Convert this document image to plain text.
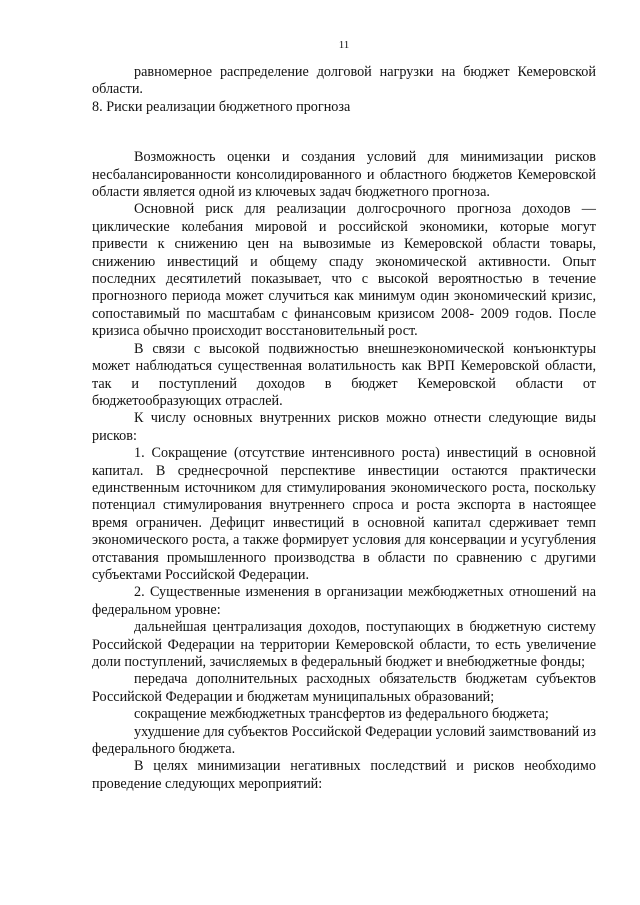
11

равномерное распределение долговой нагрузки на бюджет Кемеровской области.

8. Риски реализации бюджетного прогноза

Возможность оценки и создания условий для минимизации рисков несбалансированности консолидированного и областного бюджетов Кемеровской области является одной из ключевых задач бюджетного прогноза.

Основной риск для реализации долгосрочного прогноза доходов — циклические колебания мировой и российской экономики, которые могут привести к снижению цен на вывозимые из Кемеровской области товары, снижению инвестиций и общему спаду экономической активности. Опыт последних десятилетий показывает, что с высокой вероятностью в течение прогнозного периода может случиться как минимум один экономический кризис, сопоставимый по масштабам с финансовым кризисом 2008- 2009 годов. После кризиса обычно происходит восстановительный рост.

В связи с высокой подвижностью внешнеэкономической конъюнктуры может наблюдаться существенная волатильность как ВРП Кемеровской области, так и поступлений доходов в бюджет Кемеровской области от бюджетообразующих отраслей.

К числу основных внутренних рисков можно отнести следующие виды рисков:

1. Сокращение (отсутствие интенсивного роста) инвестиций в основной капитал. В среднесрочной перспективе инвестиции остаются практически единственным источником для стимулирования экономического роста, поскольку потенциал стимулирования внутреннего спроса и роста экспорта в настоящее время ограничен. Дефицит инвестиций в основной капитал сдерживает темп экономического роста, а также формирует условия для консервации и усугубления отставания промышленного производства в области по сравнению с другими субъектами Российской Федерации.

2. Существенные изменения в организации межбюджетных отношений на федеральном уровне:

дальнейшая централизация доходов, поступающих в бюджетную систему Российской Федерации на территории Кемеровской области, то есть увеличение доли поступлений, зачисляемых в федеральный бюджет и внебюджетные фонды;

передача дополнительных расходных обязательств бюджетам субъектов Российской Федерации и бюджетам муниципальных образований;

сокращение межбюджетных трансфертов из федерального бюджета;

ухудшение для субъектов Российской Федерации условий заимствований из федерального бюджета.

В целях минимизации негативных последствий и рисков необходимо проведение следующих мероприятий:
